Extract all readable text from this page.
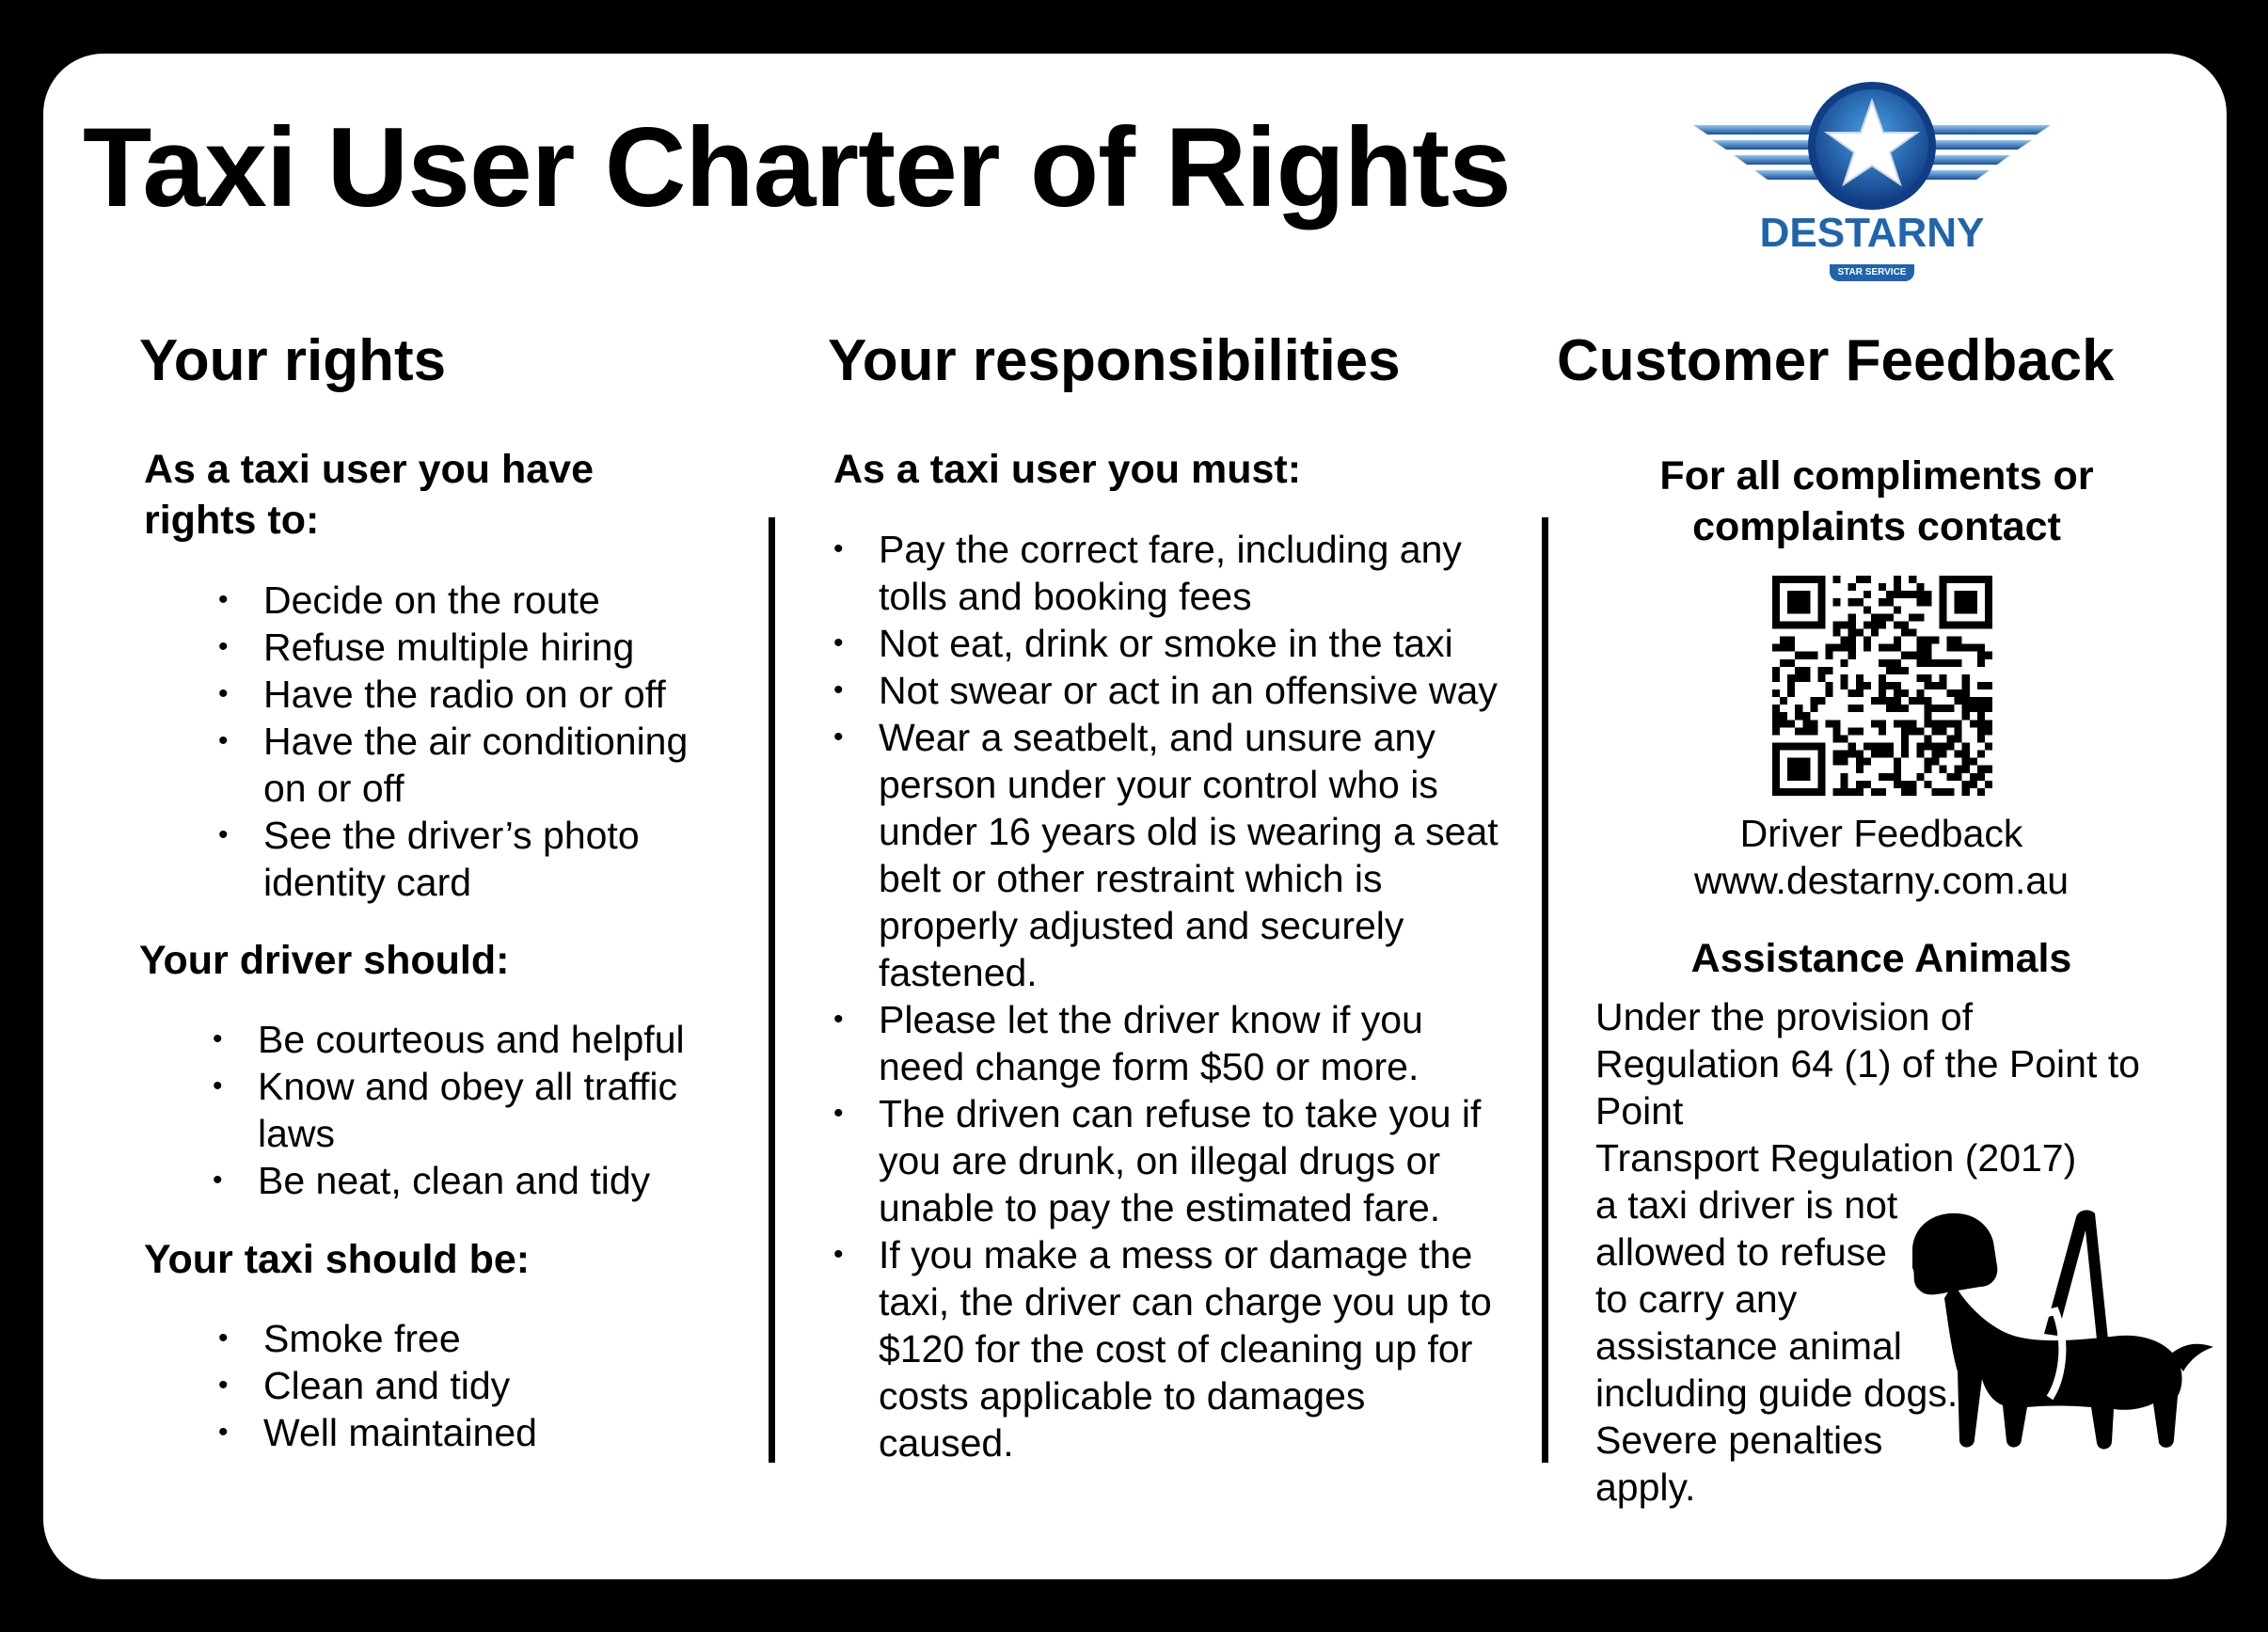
Taxi User Charter of Rights
DESTARNY
STAR SERVICE
Your rights	Your responsibilities	Customer Feedback
As a taxi user you have rights to:
• Decide on the route
• Refuse multiple hiring
• Have the radio on or off
• Have the air conditioning on or off
• See the driver’s photo identity card
Your driver should:
• Be courteous and helpful
• Know and obey all traffic laws
• Be neat, clean and tidy
Your taxi should be:
• Smoke free
• Clean and tidy
• Well maintained
As a taxi user you must:
• Pay the correct fare, including any tolls and booking fees
• Not eat, drink or smoke in the taxi
• Not swear or act in an offensive way
• Wear a seatbelt, and unsure any person under your control who is under 16 years old is wearing a seat belt or other restraint which is properly adjusted and securely fastened.
• Please let the driver know if you need change form $50 or more.
• The driven can refuse to take you if you are drunk, on illegal drugs or unable to pay the estimated fare.
• If you make a mess or damage the taxi, the driver can charge you up to $120 for the cost of cleaning up for costs applicable to damages caused.
For all compliments or complaints contact
Driver Feedback
www.destarny.com.au
Assistance Animals
Under the provision of
Regulation 64 (1) of the Point to Point
Transport Regulation (2017)
a taxi driver is not
allowed to refuse
to carry any
assistance animal
including guide dogs.
Severe penalties
apply.
